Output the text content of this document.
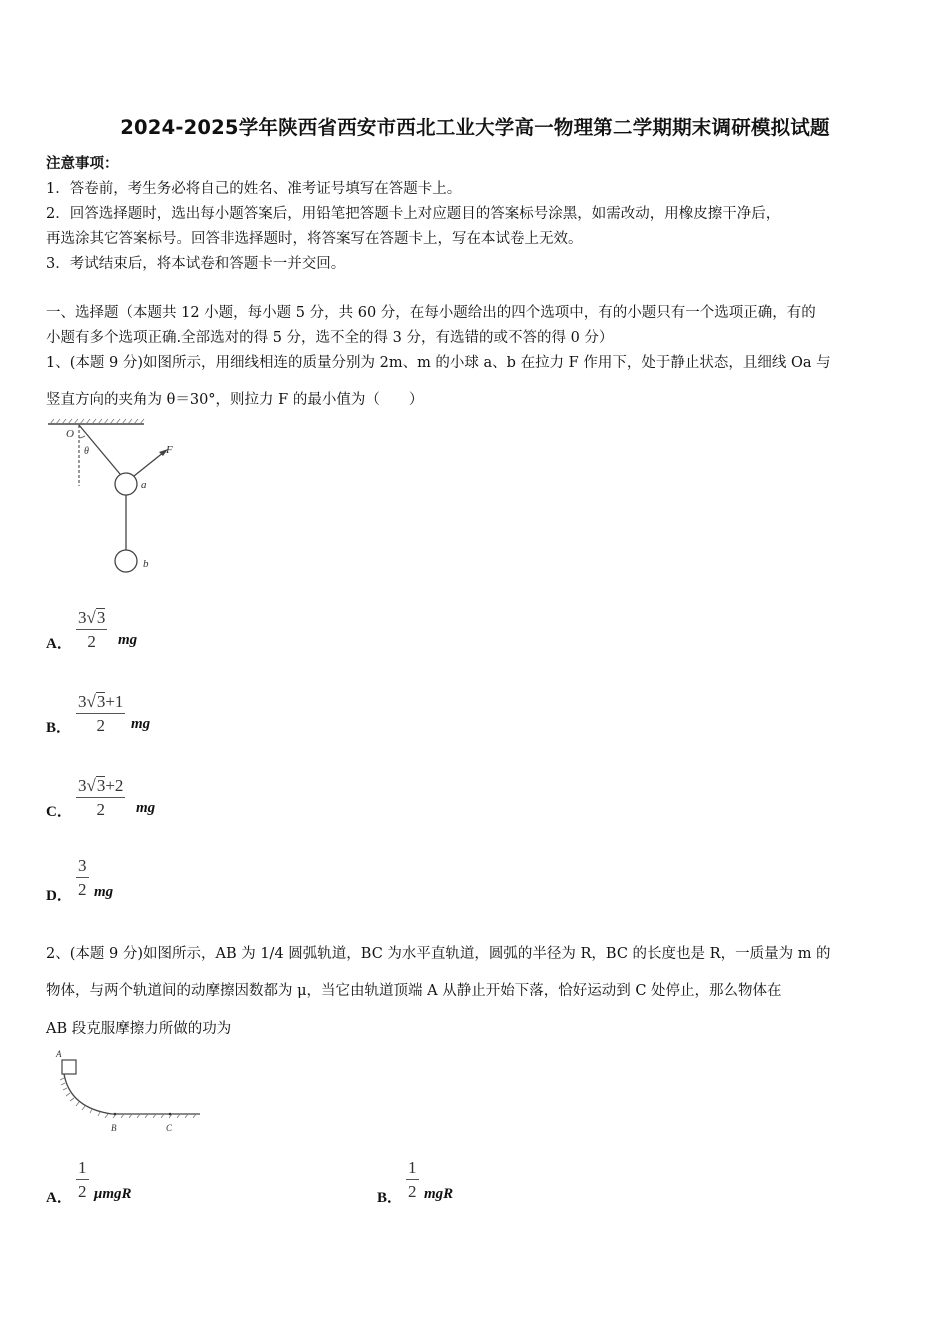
2024-2025学年陕西省西安市西北工业大学高一物理第二学期期末调研模拟试题
注意事项：
1．答卷前，考生务必将自己的姓名、准考证号填写在答题卡上。
2．回答选择题时，选出每小题答案后，用铅笔把答题卡上对应题目的答案标号涂黑，如需改动，用橡皮擦干净后，
再选涂其它答案标号。回答非选择题时，将答案写在答题卡上，写在本试卷上无效。
3．考试结束后，将本试卷和答题卡一并交回。
一、选择题（本题共 12 小题，每小题 5 分，共 60 分，在每小题给出的四个选项中，有的小题只有一个选项正确，有的
小题有多个选项正确.全部选对的得 5 分，选不全的得 3 分，有选错的或不答的得 0 分）
1、(本题 9 分)如图所示，用细线相连的质量分别为 2m、m 的小球 a、b 在拉力 F 作用下，处于静止状态，且细线 Oa 与
竖直方向的夹角为 θ＝30°，则拉力 F 的最小值为（　　）
O
θ	F
a
b
A．
3√3
2	mg
B．
3√3+1
2	mg
C．
3√3+2
2	mg
D．
3
2 mg
2、(本题 9 分)如图所示，AB 为 1/4 圆弧轨道，BC 为水平直轨道，圆弧的半径为 R，BC 的长度也是 R，一质量为 m 的
物体，与两个轨道间的动摩擦因数都为 μ，当它由轨道顶端 A 从静止开始下落，恰好运动到 C 处停止，那么物体在
AB 段克服摩擦力所做的功为
A
B	C
A．
1
2 μmgR	B．
1
2 mgR
